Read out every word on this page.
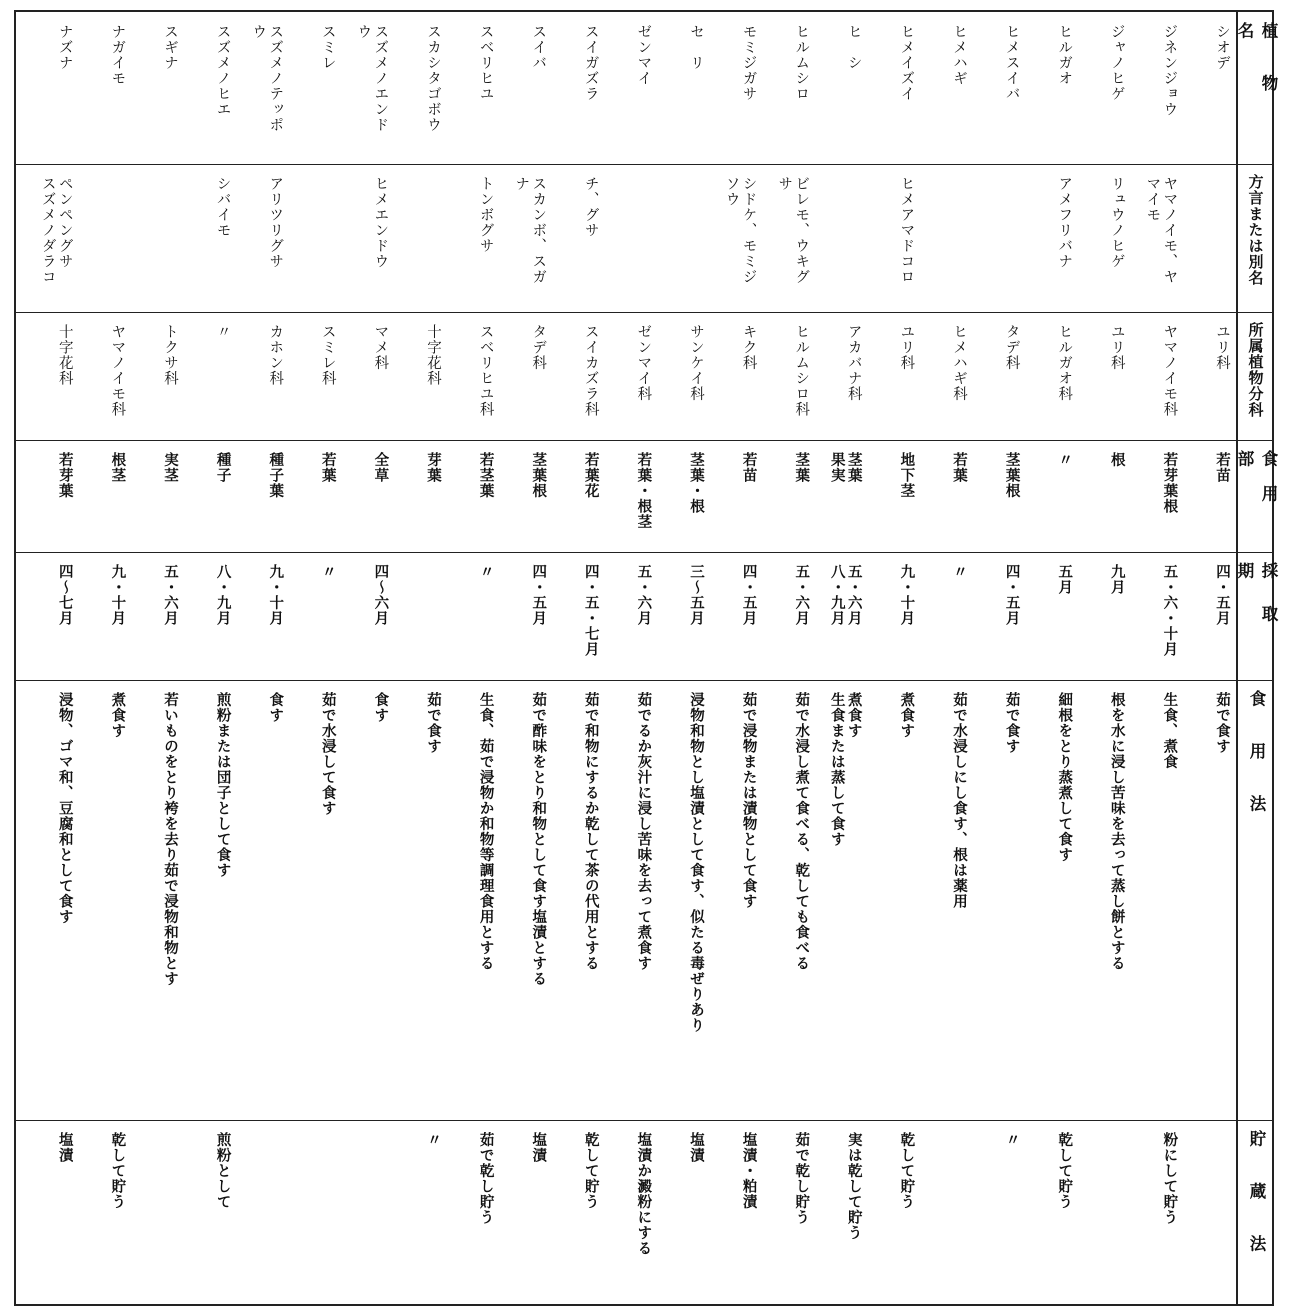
植物名
方言または別名
所属植物分科
食用部
採取期
食用法
貯蔵法
シオデ
ユリ科
若苗
四・五月
茹で食す
ジネンジョウ
ヤマノイモ、ヤ
マイモ
ヤマノイモ科
若芽葉根
五・六・十月
生食、煮食
粉にして貯う
ジャノヒゲ
リュウノヒゲ
ユリ科
根
九月
根を水に浸し苦味を去って蒸し餅とする
ヒルガオ
アメフリバナ
ヒルガオ科
〃
五月
細根をとり蒸煮して食す
乾して貯う
ヒメスイバ
タデ科
茎葉根
四・五月
茹で食す
〃
ヒメハギ
ヒメハギ科
若葉
〃
茹で水浸しにし食す、根は薬用
ヒメイズイ
ヒメアマドコロ
ユリ科
地下茎
九・十月
煮食す
乾して貯う
ヒ　シ
アカバナ科
茎葉
果実
五・六月
八・九月
煮食す
生食または蒸して食す
実は乾して貯う
ヒルムシロ
ビレモ、ウキグ
サ
ヒルムシロ科
茎葉
五・六月
茹で水浸し煮て食べる、乾しても食べる
茹で乾し貯う
モミジガサ
シドケ、モミジ
ソウ
キク科
若苗
四・五月
茹で浸物または漬物として食す
塩漬・粕漬
セ　リ
サンケイ科
茎葉・根
三～五月
浸物和物とし塩漬として食す、似たる毒ぜりあり
塩漬
ゼンマイ
ゼンマイ科
若葉・根茎
五・六月
茹でるか灰汁に浸し苦味を去って煮食す
塩漬か澱粉にする
スイガズラ
チ、グサ
スイカズラ科
若葉花
四・五・七月
茹で和物にするか乾して茶の代用とする
乾して貯う
スイバ
スカンボ、スガ
ナ
タデ科
茎葉根
四・五月
茹で酢味をとり和物として食す塩漬とする
塩漬
スベリヒユ
トンボグサ
スベリヒユ科
若茎葉
〃
生食、茹で浸物か和物等調理食用とする
茹で乾し貯う
スカシタゴボウ
十字花科
芽葉
茹で食す
〃
スズメノエンド
ウ
ヒメエンドウ
マメ科
全草
四～六月
食す
スミレ
スミレ科
若葉
〃
茹で水浸して食す
スズメノテッポ
ウ
アリツリグサ
カホン科
種子葉
九・十月
食す
スズメノヒエ
シバイモ
〃
種子
八・九月
煎粉または団子として食す
煎粉として
スギナ
トクサ科
実茎
五・六月
若いものをとり袴を去り茹で浸物和物とす
ナガイモ
ヤマノイモ科
根茎
九・十月
煮食す
乾して貯う
ナズナ
ペンペングサ
スズメノダラコ
十字花科
若芽葉
四～七月
浸物、ゴマ和、豆腐和として食す
塩漬
